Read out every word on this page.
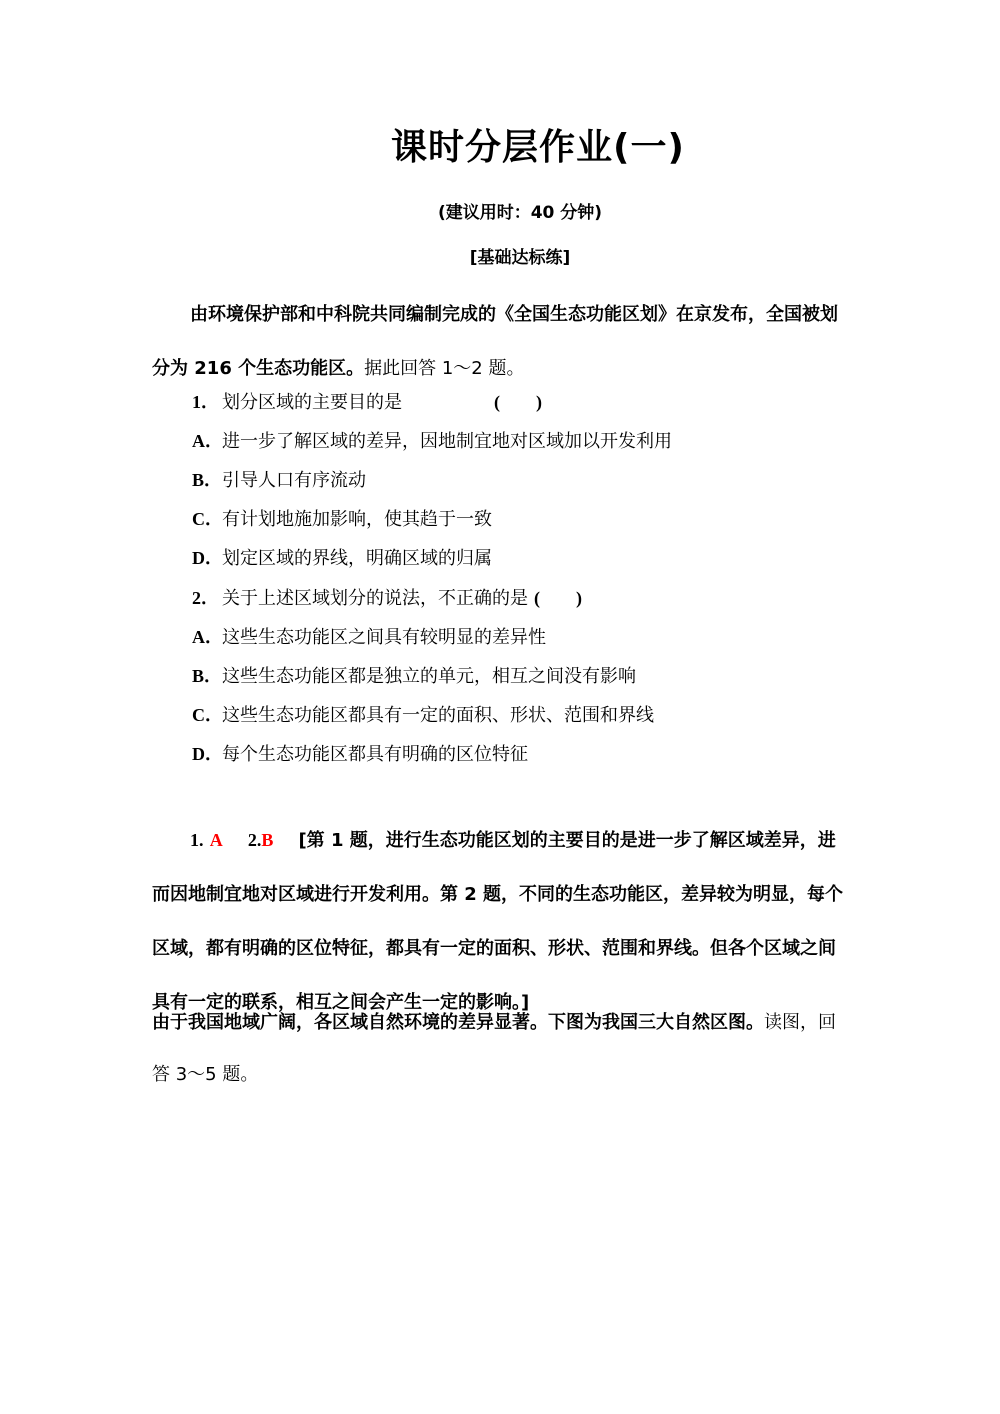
课时分层作业(一)
(建议用时：40 分钟)
[基础达标练]
由环境保护部和中科院共同编制完成的《全国生态功能区划》在京发布，全国被划分为 216 个生态功能区。据此回答 1～2 题。
1． 划分区域的主要目的是	(　　)
A．进一步了解区域的差异，因地制宜地对区域加以开发利用
B．引导人口有序流动
C．有计划地施加影响，使其趋于一致
D．划定区域的界线，明确区域的归属
2． 关于上述区域划分的说法，不正确的是 (　　)
A．这些生态功能区之间具有较明显的差异性
B．这些生态功能区都是独立的单元，相互之间没有影响
C．这些生态功能区都具有一定的面积、形状、范围和界线
D．每个生态功能区都具有明确的区位特征
1. A 2.B [第 1 题，进行生态功能区划的主要目的是进一步了解区域差异，进而因地制宜地对区域进行开发利用。第 2 题，不同的生态功能区，差异较为明显，每个区域，都有明确的区位特征，都具有一定的面积、形状、范围和界线。但各个区域之间具有一定的联系，相互之间会产生一定的影响。]
由于我国地域广阔，各区域自然环境的差异显著。下图为我国三大自然区图。读图，回答 3～5 题。
